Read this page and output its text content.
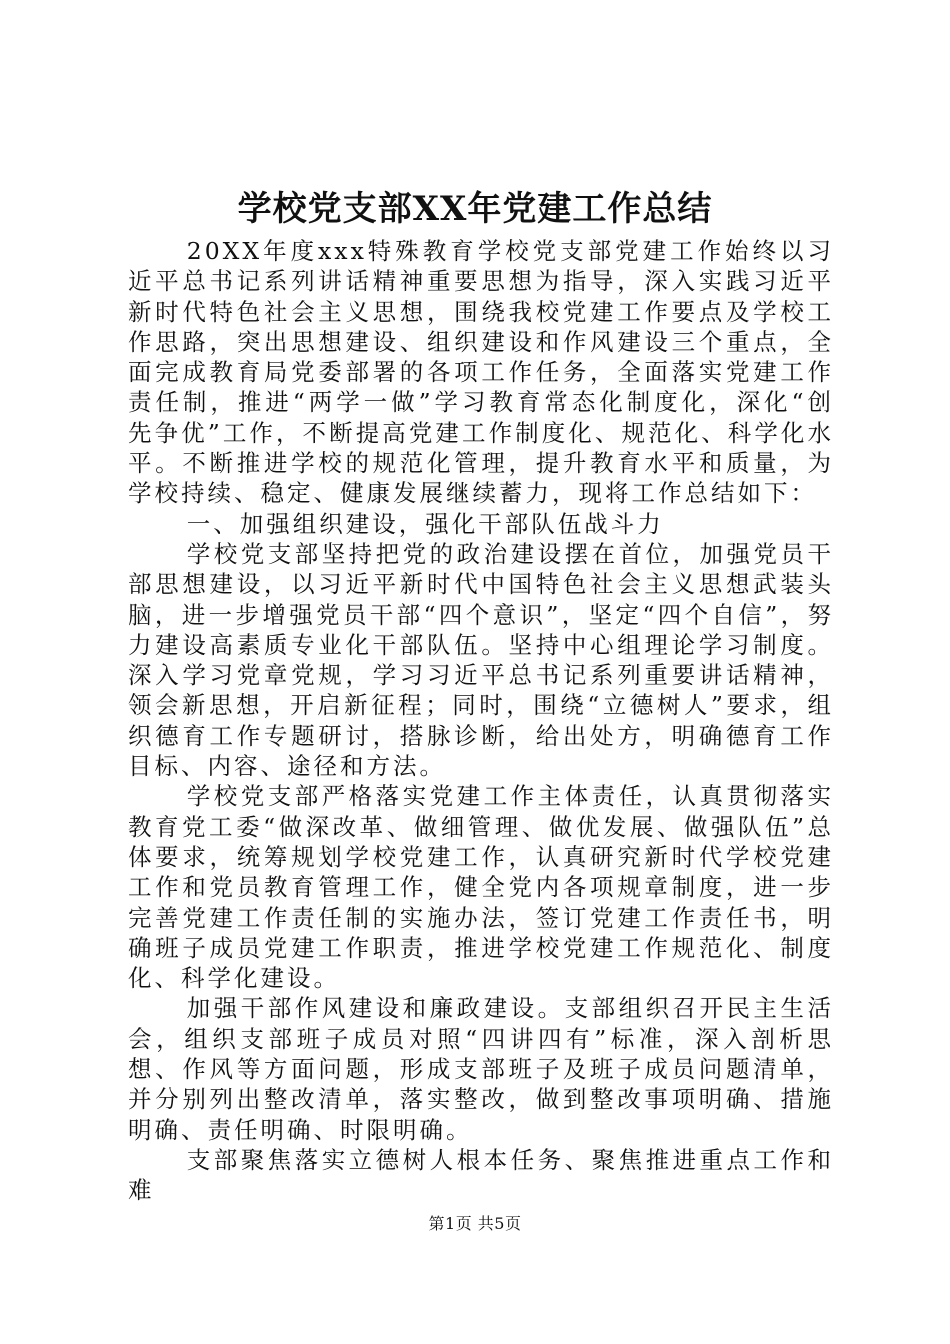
学校党支部XX年党建工作总结

20XX年度xxx特殊教育学校党支部党建工作始终以习近平总书记系列讲话精神重要思想为指导，深入实践习近平新时代特色社会主义思想，围绕我校党建工作要点及学校工作思路，突出思想建设、组织建设和作风建设三个重点，全面完成教育局党委部署的各项工作任务，全面落实党建工作责任制，推进“两学一做”学习教育常态化制度化，深化“创先争优”工作，不断提高党建工作制度化、规范化、科学化水平。不断推进学校的规范化管理，提升教育水平和质量，为学校持续、稳定、健康发展继续蓄力，现将工作总结如下：

一、加强组织建设，强化干部队伍战斗力

学校党支部坚持把党的政治建设摆在首位，加强党员干部思想建设，以习近平新时代中国特色社会主义思想武装头脑，进一步增强党员干部“四个意识”，坚定“四个自信”，努力建设高素质专业化干部队伍。坚持中心组理论学习制度。深入学习党章党规，学习习近平总书记系列重要讲话精神，领会新思想，开启新征程；同时，围绕“立德树人”要求，组织德育工作专题研讨，搭脉诊断，给出处方，明确德育工作目标、内容、途径和方法。

学校党支部严格落实党建工作主体责任，认真贯彻落实教育党工委“做深改革、做细管理、做优发展、做强队伍”总体要求，统筹规划学校党建工作，认真研究新时代学校党建工作和党员教育管理工作，健全党内各项规章制度，进一步完善党建工作责任制的实施办法，签订党建工作责任书，明确班子成员党建工作职责，推进学校党建工作规范化、制度化、科学化建设。

加强干部作风建设和廉政建设。支部组织召开民主生活会，组织支部班子成员对照“四讲四有”标准，深入剖析思想、作风等方面问题，形成支部班子及班子成员问题清单，并分别列出整改清单，落实整改，做到整改事项明确、措施明确、责任明确、时限明确。

支部聚焦落实立德树人根本任务、聚焦推进重点工作和难

第1页 共5页
